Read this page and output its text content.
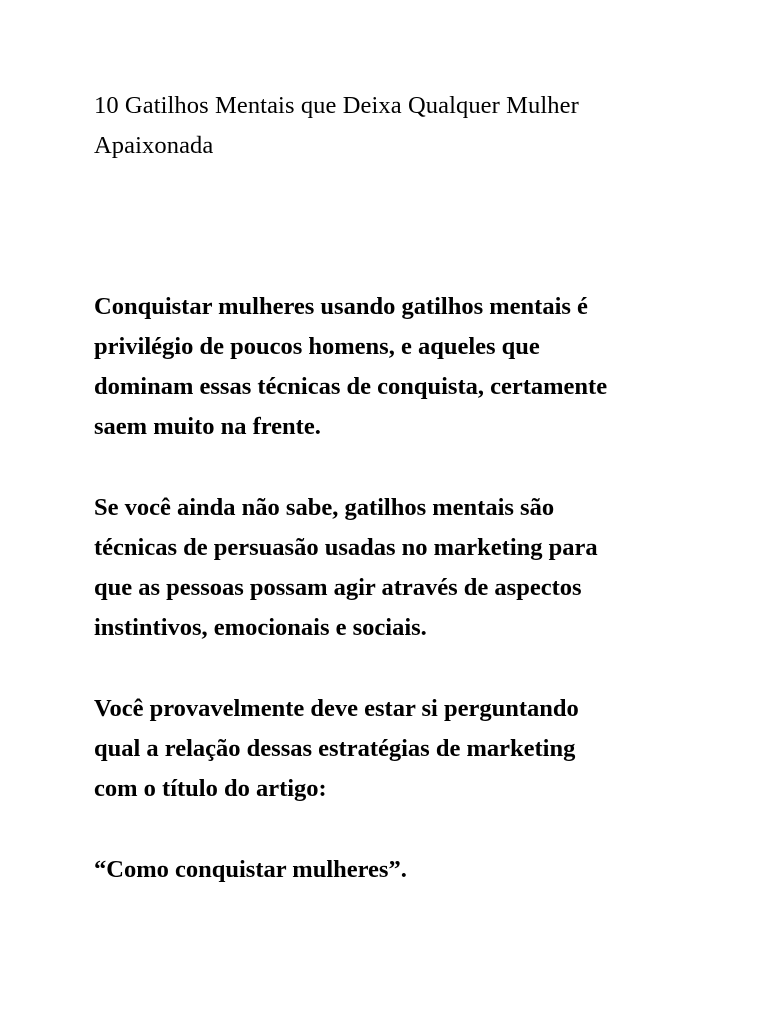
10 Gatilhos Mentais que Deixa Qualquer Mulher
Apaixonada

Conquistar mulheres usando gatilhos mentais é
privilégio de poucos homens, e aqueles que
dominam essas técnicas de conquista, certamente
saem muito na frente.

Se você ainda não sabe, gatilhos mentais são
técnicas de persuasão usadas no marketing para
que as pessoas possam agir através de aspectos
instintivos, emocionais e sociais.

Você provavelmente deve estar si perguntando
qual a relação dessas estratégias de marketing
com o título do artigo:

“Como conquistar mulheres”.
